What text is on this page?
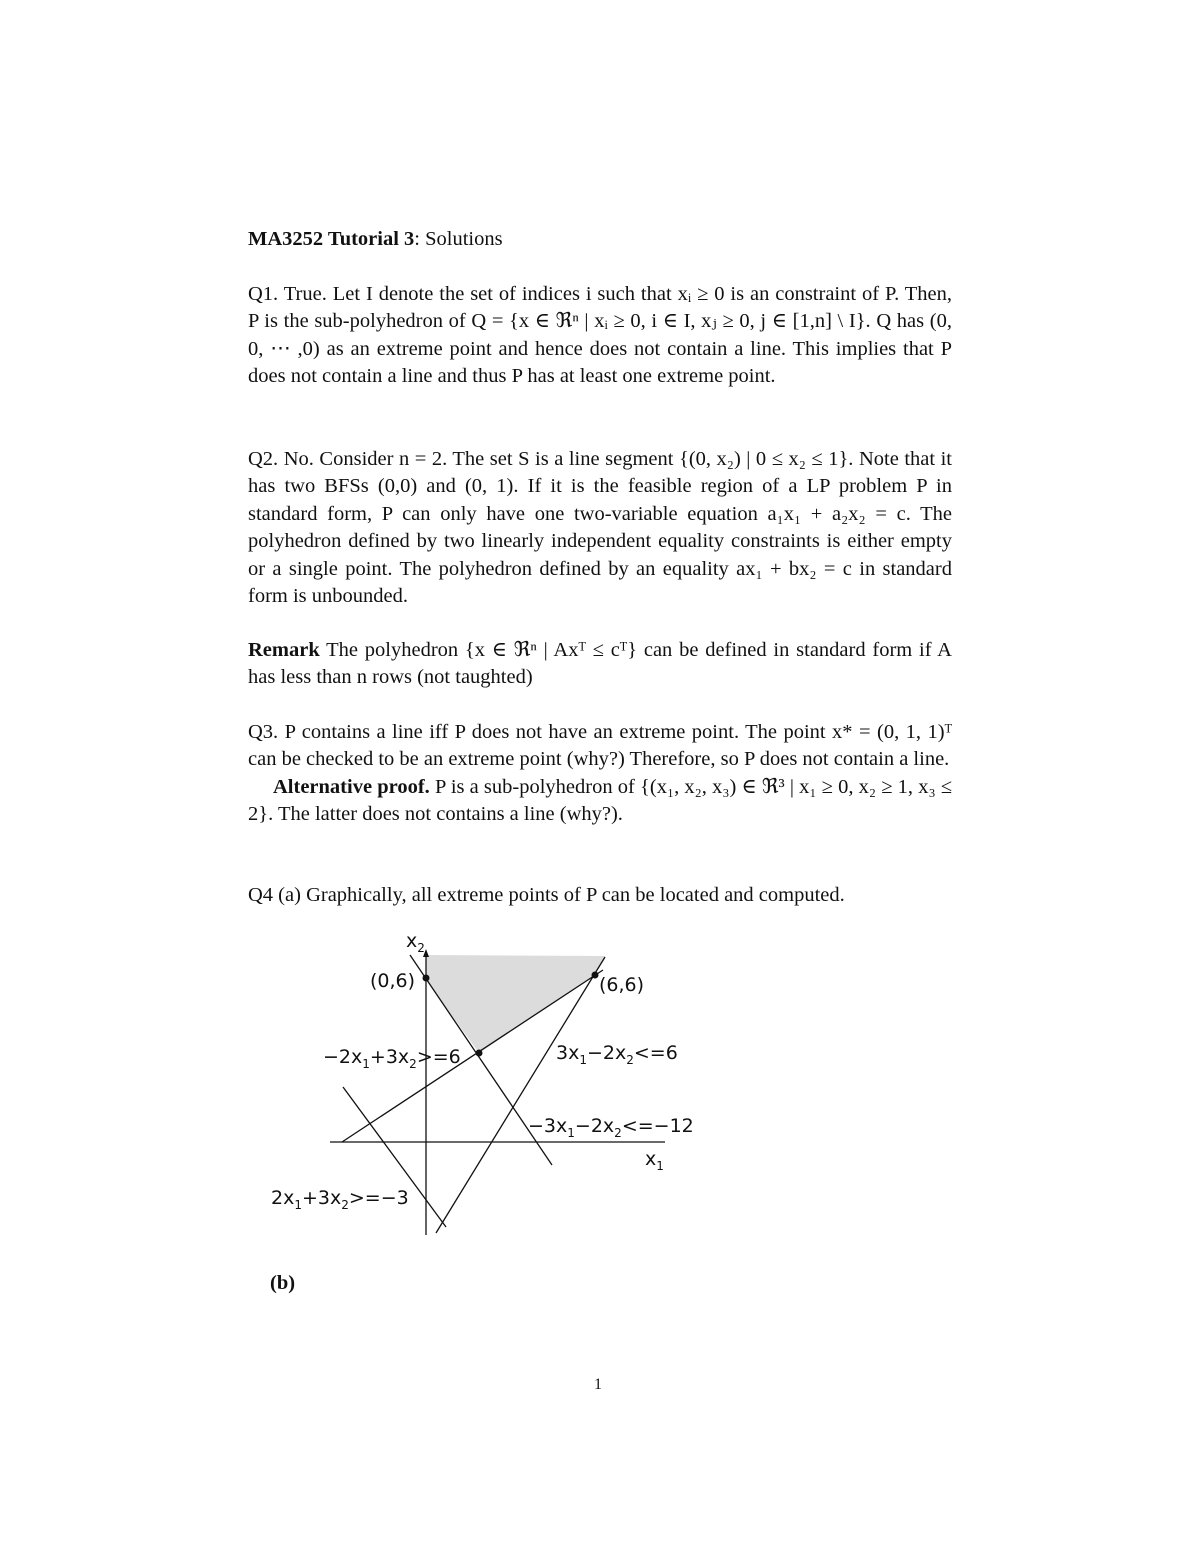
MA3252 Tutorial 3: Solutions
Q1. True. Let I denote the set of indices i such that xᵢ ≥ 0 is an constraint of P. Then, P is the sub-polyhedron of Q = {x ∈ ℜⁿ | xᵢ ≥ 0, i ∈ I, xⱼ ≥ 0, j ∈ [1,n] \ I}. Q has (0, 0, ⋯ ,0) as an extreme point and hence does not contain a line. This implies that P does not contain a line and thus P has at least one extreme point.
Q2. No. Consider n = 2. The set S is a line segment {(0, x₂) | 0 ≤ x₂ ≤ 1}. Note that it has two BFSs (0,0) and (0, 1). If it is the feasible region of a LP problem P in standard form, P can only have one two-variable equation a₁x₁ + a₂x₂ = c. The polyhedron defined by two linearly independent equality constraints is either empty or a single point. The polyhedron defined by an equality ax₁ + bx₂ = c in standard form is unbounded.
Remark The polyhedron {x ∈ ℜⁿ | Axᵀ ≤ cᵀ} can be defined in standard form if A has less than n rows (not taughted)
Q3. P contains a line iff P does not have an extreme point. The point x* = (0, 1, 1)ᵀ can be checked to be an extreme point (why?) Therefore, so P does not contain a line.
Alternative proof. P is a sub-polyhedron of {(x₁, x₂, x₃) ∈ ℜ³ | x₁ ≥ 0, x₂ ≥ 1, x₃ ≤ 2}. The latter does not contains a line (why?).
Q4 (a) Graphically, all extreme points of P can be located and computed.
$x_2$
$x_1$
(0,6)	(6,6)
$-2x_1+3x_2>=6$	$3x_1-2x_2<=6$
$-3x_1-2x_2<=-12$
$2x_1+3x_2>=-3$
(b)
1
